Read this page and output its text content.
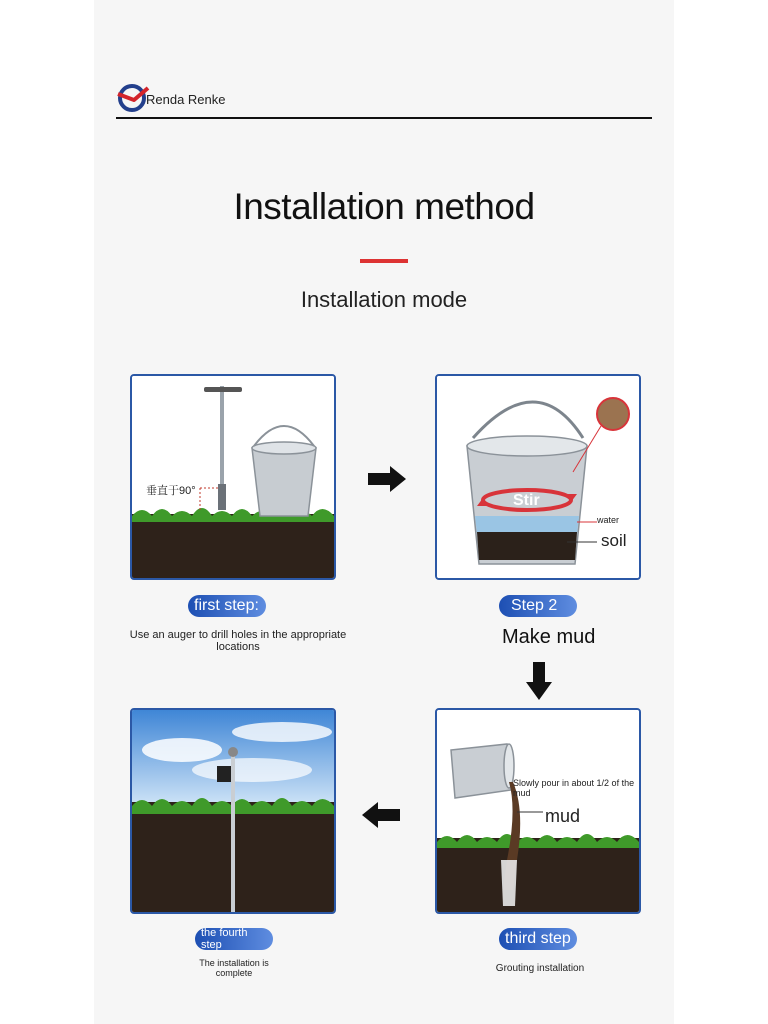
Renda Renke
Installation method
Installation mode
垂直于90°
Stir
water
soil
first step:
Use an auger to drill holes in the appropriate locations
Step 2
Make mud
Slowly pour in about 1/2 of the mud
mud
the fourth step
The installation is complete
third step
Grouting installation
